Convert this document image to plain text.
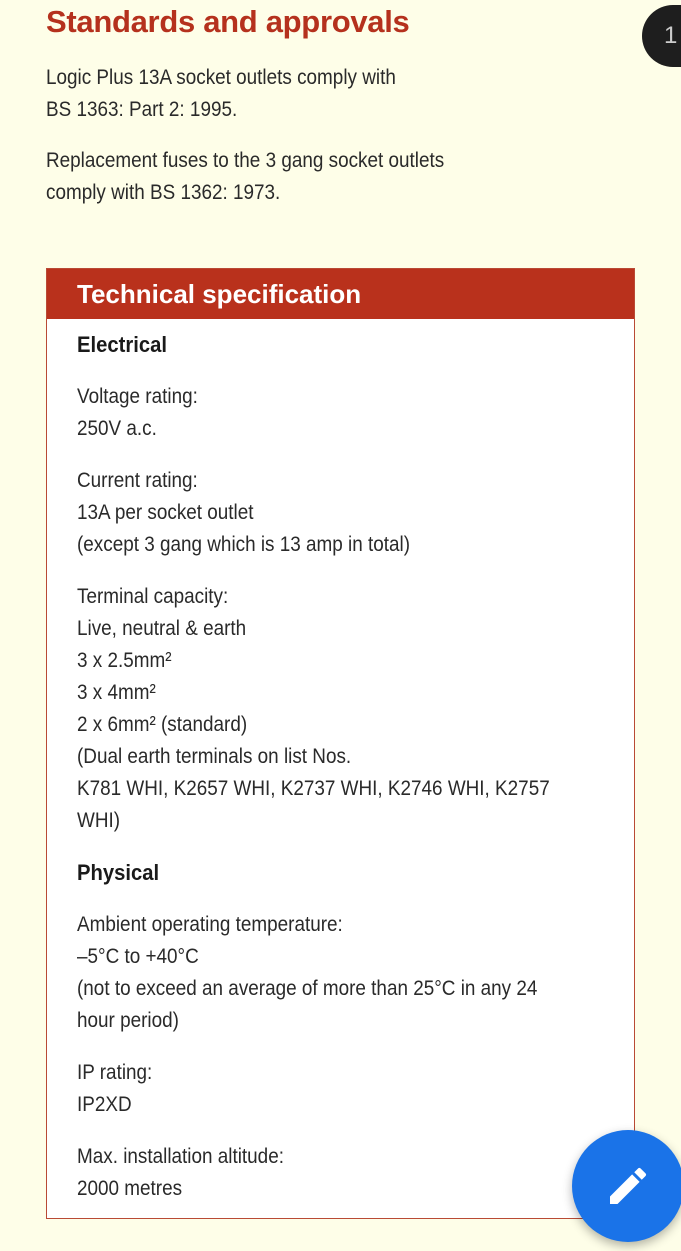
Standards and approvals
Logic Plus 13A socket outlets comply with
BS 1363: Part 2: 1995.
Replacement fuses to the 3 gang socket outlets
comply with BS 1362: 1973.
1
Technical specification
Electrical
Voltage rating:
250V a.c.
Current rating:
13A per socket outlet
(except 3 gang which is 13 amp in total)
Terminal capacity:
Live, neutral & earth
3 x 2.5mm²
3 x 4mm²
2 x 6mm² (standard)
(Dual earth terminals on list Nos.
K781 WHI, K2657 WHI, K2737 WHI, K2746 WHI, K2757
WHI)
Physical
Ambient operating temperature:
–5°C to +40°C
(not to exceed an average of more than 25°C in any 24
hour period)
IP rating:
IP2XD
Max. installation altitude:
2000 metres
